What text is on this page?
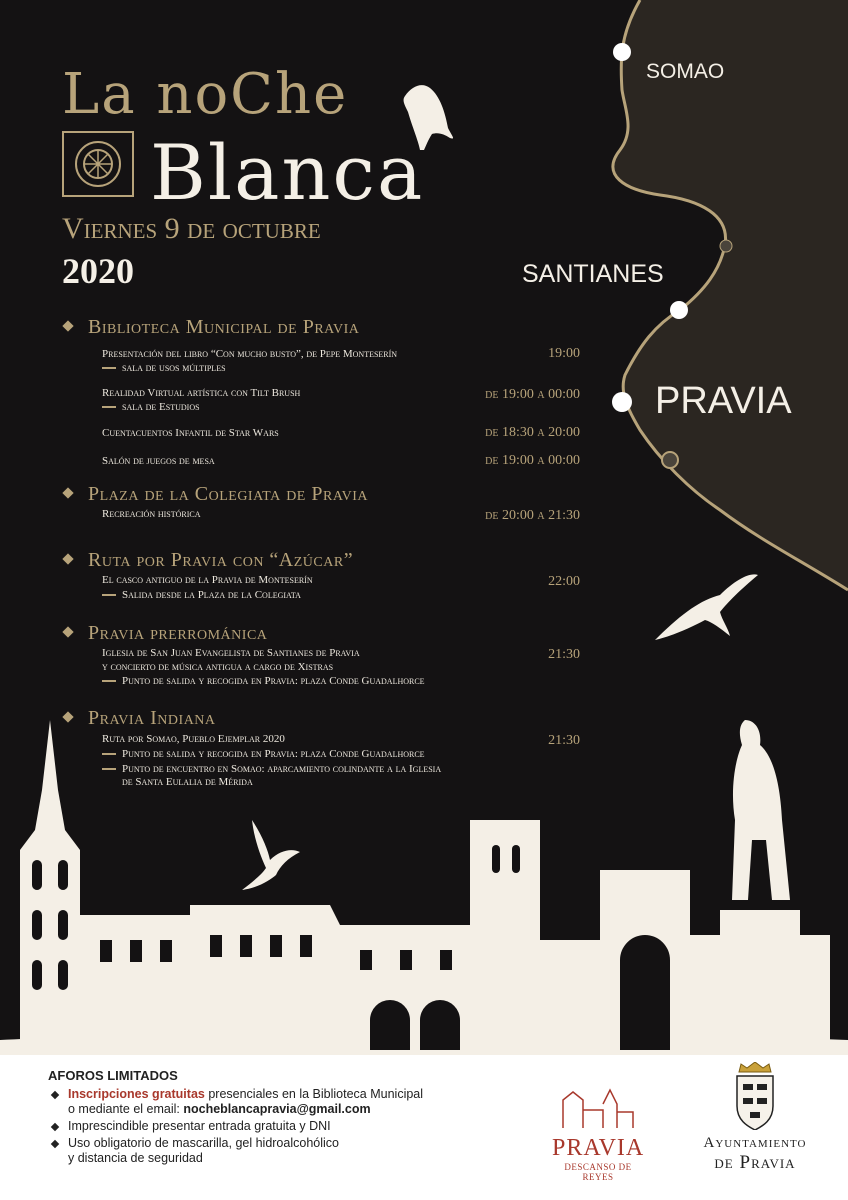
La noChe
Blanca
Viernes 9 de octubre
2020
SOMAO
SANTIANES
PRAVIA
Biblioteca Municipal de Pravia
Presentación del libro “Con mucho busto”, de Pepe Monteserín
sala de usos múltiples
19:00
Realidad Virtual artística con Tilt Brush
sala de Estudios
de 19:00 a 00:00
Cuentacuentos Infantil de Star Wars	de 18:30 a 20:00
Salón de juegos de mesa	de 19:00 a 00:00
Plaza de la Colegiata de Pravia
Recreación histórica	de 20:00 a 21:30
Ruta por Pravia con “Azúcar”
El casco antiguo de la Pravia de Monteserín
Salida desde la Plaza de la Colegiata
22:00
Pravia prerrománica
Iglesia de San Juan Evangelista de Santianes de Pravia
y concierto de música antigua a cargo de Xistras
Punto de salida y recogida en Pravia: plaza Conde Guadalhorce
21:30
Pravia Indiana
Ruta por Somao, Pueblo Ejemplar 2020
Punto de salida y recogida en Pravia: plaza Conde Guadalhorce
Punto de encuentro en Somao: aparcamiento colindante a la Iglesia
de Santa Eulalia de Mérida
21:30
AFOROS LIMITADOS
Inscripciones gratuitas presenciales en la Biblioteca Municipal
o mediante el email: nocheblancapravia@gmail.com
Imprescindible presentar entrada gratuita y DNI
Uso obligatorio de mascarilla, gel hidroalcohólico
y distancia de seguridad	PRAVIA
DESCANSO DE REYES
Ayuntamiento
de Pravia
